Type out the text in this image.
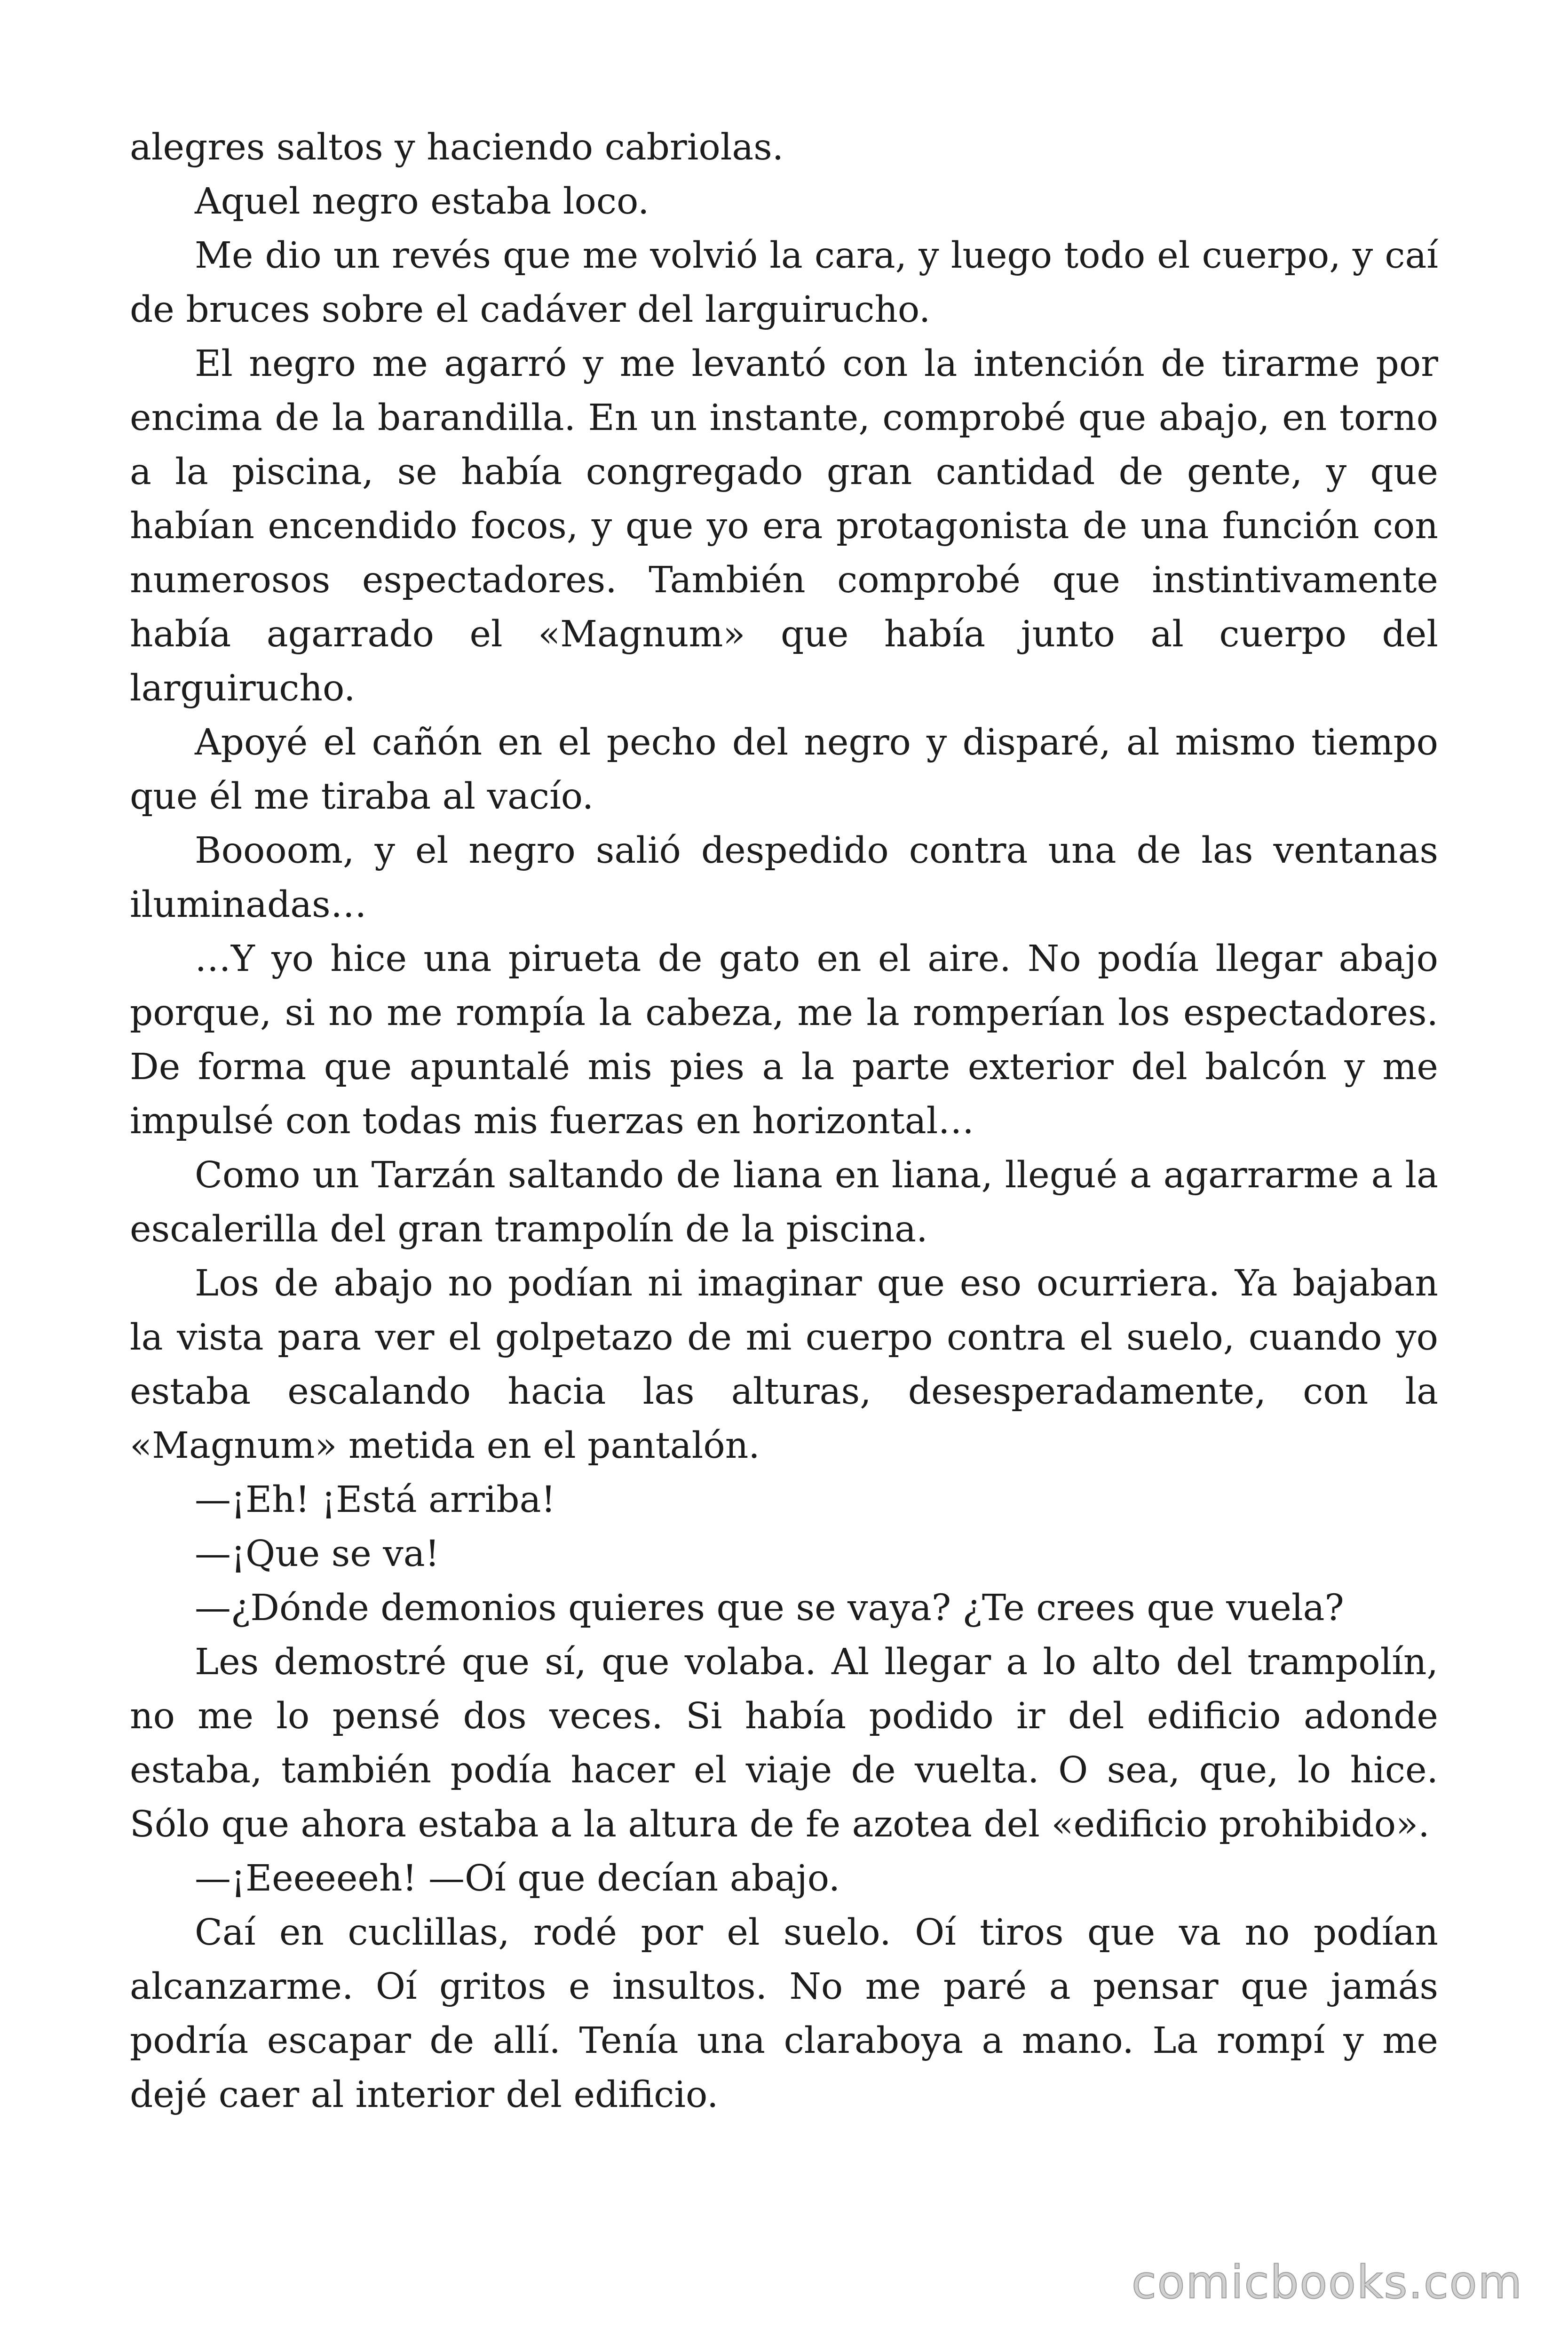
alegres saltos y haciendo cabriolas.

Aquel negro estaba loco.

Me dio un revés que me volvió la cara, y luego todo el cuerpo, y caí de bruces sobre el cadáver del larguirucho.

El negro me agarró y me levantó con la intención de tirarme por encima de la barandilla. En un instante, comprobé que abajo, en torno a la piscina, se había congregado gran cantidad de gente, y que habían encendido focos, y que yo era protagonista de una función con numerosos espectadores. También comprobé que instintivamente había agarrado el «Magnum» que había junto al cuerpo del larguirucho.

Apoyé el cañón en el pecho del negro y disparé, al mismo tiempo que él me tiraba al vacío.

Boooom, y el negro salió despedido contra una de las ventanas iluminadas…

…Y yo hice una pirueta de gato en el aire. No podía llegar abajo porque, si no me rompía la cabeza, me la romperían los espectadores. De forma que apuntalé mis pies a la parte exterior del balcón y me impulsé con todas mis fuerzas en horizontal…

Como un Tarzán saltando de liana en liana, llegué a agarrarme a la escalerilla del gran trampolín de la piscina.

Los de abajo no podían ni imaginar que eso ocurriera. Ya bajaban la vista para ver el golpetazo de mi cuerpo contra el suelo, cuando yo estaba escalando hacia las alturas, desesperadamente, con la «Magnum» metida en el pantalón.

—¡Eh! ¡Está arriba!

—¡Que se va!

—¿Dónde demonios quieres que se vaya? ¿Te crees que vuela?

Les demostré que sí, que volaba. Al llegar a lo alto del trampolín, no me lo pensé dos veces. Si había podido ir del edificio adonde estaba, también podía hacer el viaje de vuelta. O sea, que, lo hice. Sólo que ahora estaba a la altura de fe azotea del «edificio prohibido».

—¡Eeeeeeh! —Oí que decían abajo.

Caí en cuclillas, rodé por el suelo. Oí tiros que va no podían alcanzarme. Oí gritos e insultos. No me paré a pensar que jamás podría escapar de allí. Tenía una claraboya a mano. La rompí y me dejé caer al interior del edificio.

comicbooks.com
